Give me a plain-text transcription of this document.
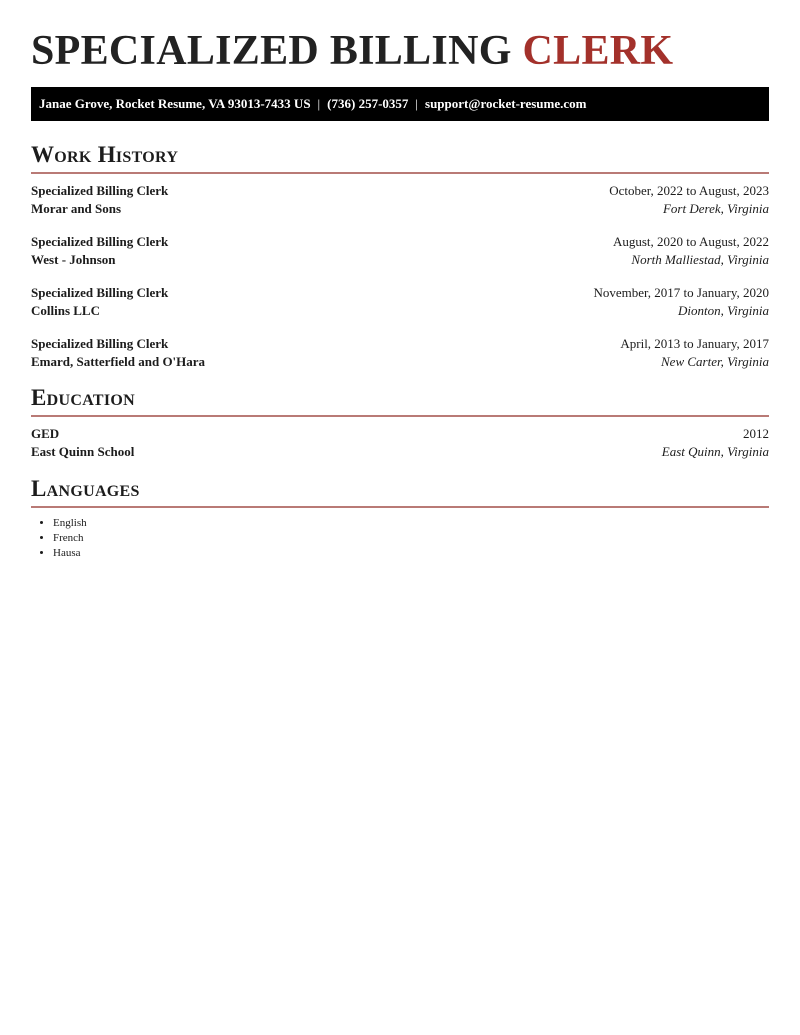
SPECIALIZED BILLING CLERK
Janae Grove, Rocket Resume, VA 93013-7433 US | (736) 257-0357 | support@rocket-resume.com
Work History
Specialized Billing Clerk	October, 2022 to August, 2023
Morar and Sons	Fort Derek, Virginia
Specialized Billing Clerk	August, 2020 to August, 2022
West - Johnson	North Malliestad, Virginia
Specialized Billing Clerk	November, 2017 to January, 2020
Collins LLC	Dionton, Virginia
Specialized Billing Clerk	April, 2013 to January, 2017
Emard, Satterfield and O'Hara	New Carter, Virginia
Education
GED	2012
East Quinn School	East Quinn, Virginia
Languages
• English
• French
• Hausa
